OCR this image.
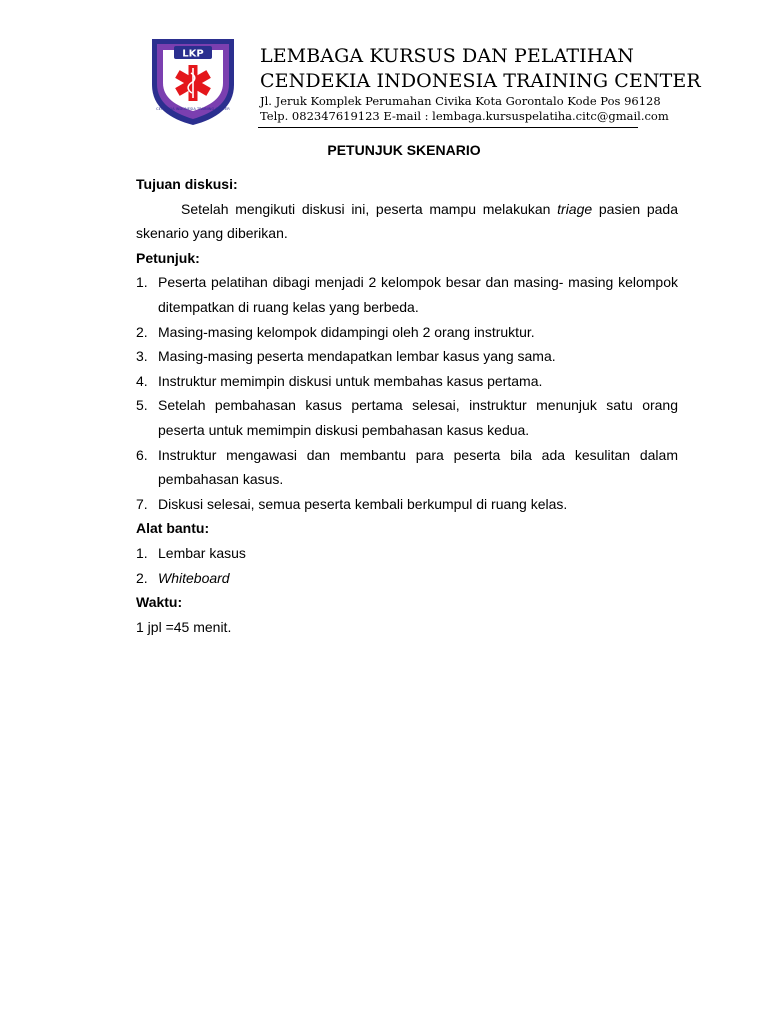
LKP
CENDEKIA INDONESIA TRAINING CENTER
LEMBAGA KURSUS DAN PELATIHAN
CENDEKIA INDONESIA TRAINING CENTER
Jl. Jeruk Komplek Perumahan Civika Kota Gorontalo Kode Pos 96128
Telp. 082347619123 E-mail : lembaga.kursuspelatiha.citc@gmail.com
PETUNJUK SKENARIO
Tujuan diskusi:
Setelah mengikuti diskusi ini, peserta mampu melakukan triage pasien pada skenario yang diberikan.
Petunjuk:
1. Peserta pelatihan dibagi menjadi 2 kelompok besar dan masing- masing kelompok ditempatkan di ruang kelas yang berbeda.
2. Masing-masing kelompok didampingi oleh 2 orang instruktur.
3. Masing-masing peserta mendapatkan lembar kasus yang sama.
4. Instruktur memimpin diskusi untuk membahas kasus pertama.
5. Setelah pembahasan kasus pertama selesai, instruktur menunjuk satu orang peserta untuk memimpin diskusi pembahasan kasus kedua.
6. Instruktur mengawasi dan membantu para peserta bila ada kesulitan dalam pembahasan kasus.
7. Diskusi selesai, semua peserta kembali berkumpul di ruang kelas.
Alat bantu:
1. Lembar kasus
2. Whiteboard
Waktu:
1 jpl =45 menit.
